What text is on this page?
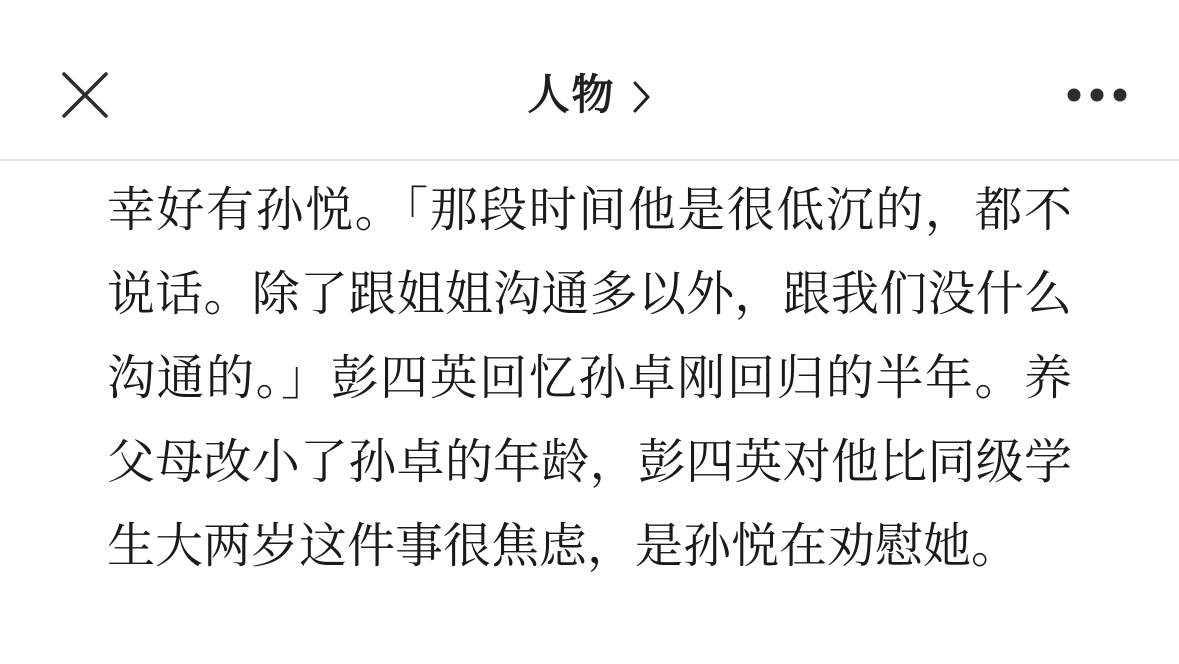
人物

幸好有孙悦。「那段时间他是很低沉的，都不说话。除了跟姐姐沟通多以外，跟我们没什么沟通的。」彭四英回忆孙卓刚回归的半年。养父母改小了孙卓的年龄，彭四英对他比同级学生大两岁这件事很焦虑，是孙悦在劝慰她。
